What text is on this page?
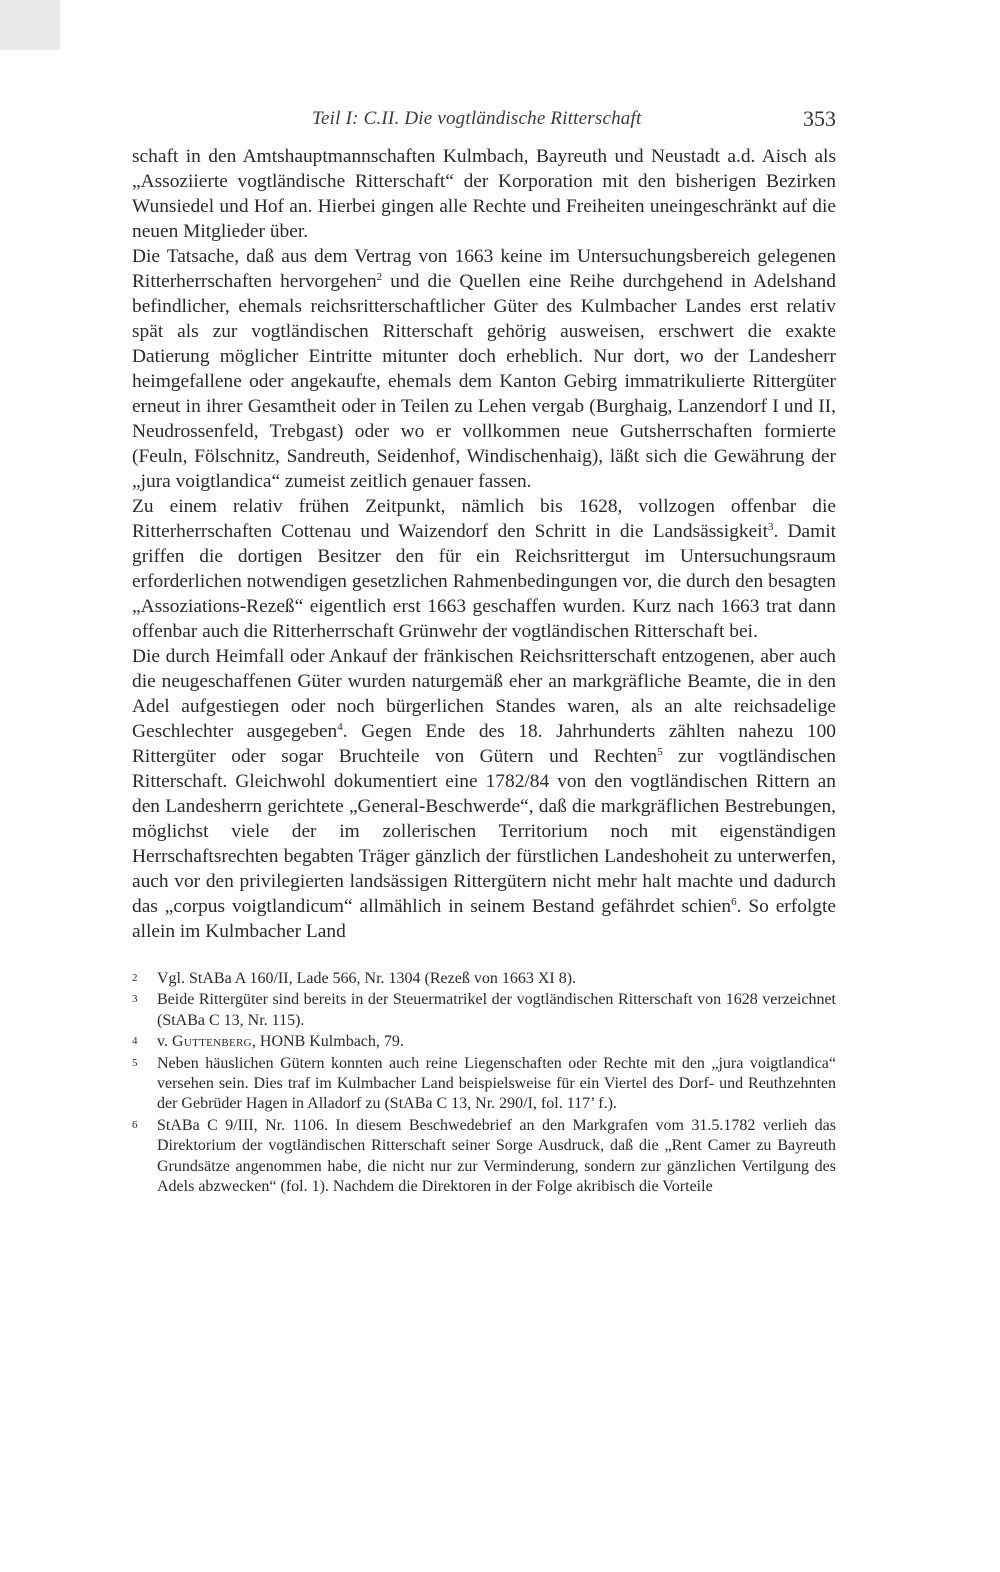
Teil I: C.II. Die vogtländische Ritterschaft	353

schaft in den Amtshauptmannschaften Kulmbach, Bayreuth und Neustadt a.d. Aisch als „Assoziierte vogtländische Ritterschaft“ der Korporation mit den bisherigen Bezirken Wunsiedel und Hof an. Hierbei gingen alle Rechte und Freiheiten uneingeschränkt auf die neuen Mitglieder über.

Die Tatsache, daß aus dem Vertrag von 1663 keine im Untersuchungsbereich gelegenen Ritterherrschaften hervorgehen$^2$ und die Quellen eine Reihe durchgehend in Adelshand befindlicher, ehemals reichsritterschaftlicher Güter des Kulmbacher Landes erst relativ spät als zur vogtländischen Ritterschaft gehörig ausweisen, erschwert die exakte Datierung möglicher Eintritte mitunter doch erheblich. Nur dort, wo der Landesherr heimgefallene oder angekaufte, ehemals dem Kanton Gebirg immatrikulierte Rittergüter erneut in ihrer Gesamtheit oder in Teilen zu Lehen vergab (Burghaig, Lanzendorf I und II, Neudrossenfeld, Trebgast) oder wo er vollkommen neue Gutsherrschaften formierte (Feuln, Fölschnitz, Sandreuth, Seidenhof, Windischenhaig), läßt sich die Gewährung der „jura voigtlandica“ zumeist zeitlich genauer fassen.

Zu einem relativ frühen Zeitpunkt, nämlich bis 1628, vollzogen offenbar die Ritterherrschaften Cottenau und Waizendorf den Schritt in die Landsässigkeit$^3$. Damit griffen die dortigen Besitzer den für ein Reichsrittergut im Untersuchungsraum erforderlichen notwendigen gesetzlichen Rahmenbedingungen vor, die durch den besagten „Assoziations-Rezeß“ eigentlich erst 1663 geschaffen wurden. Kurz nach 1663 trat dann offenbar auch die Ritterherrschaft Grünwehr der vogtländischen Ritterschaft bei.

Die durch Heimfall oder Ankauf der fränkischen Reichsritterschaft entzogenen, aber auch die neugeschaffenen Güter wurden naturgemäß eher an markgräfliche Beamte, die in den Adel aufgestiegen oder noch bürgerlichen Standes waren, als an alte reichsadelige Geschlechter ausgegeben$^4$. Gegen Ende des 18. Jahrhunderts zählten nahezu 100 Rittergüter oder sogar Bruchteile von Gütern und Rechten$^5$ zur vogtländischen Ritterschaft. Gleichwohl dokumentiert eine 1782/84 von den vogtländischen Rittern an den Landesherrn gerichtete „General-Beschwerde“, daß die markgräflichen Bestrebungen, möglichst viele der im zollerischen Territorium noch mit eigenständigen Herrschaftsrechten begabten Träger gänzlich der fürstlichen Landeshoheit zu unterwerfen, auch vor den privilegierten landsässigen Rittergütern nicht mehr halt machte und dadurch das „corpus voigtlandicum“ allmählich in seinem Bestand gefährdet schien$^6$. So erfolgte allein im Kulmbacher Land

2	Vgl. StABa A 160/II, Lade 566, Nr. 1304 (Rezeß von 1663 XI 8).
3	Beide Rittergüter sind bereits in der Steuermatrikel der vogtländischen Ritterschaft von 1628 verzeichnet (StABa C 13, Nr. 115).
4	v. Guttenberg, HONB Kulmbach, 79.
5	Neben häuslichen Gütern konnten auch reine Liegenschaften oder Rechte mit den „jura voigtlandica“ versehen sein. Dies traf im Kulmbacher Land beispielsweise für ein Viertel des Dorf- und Reuthzehnten der Gebrüder Hagen in Alladorf zu (StABa C 13, Nr. 290/I, fol. 117’ f.).
6	StABa C 9/III, Nr. 1106. In diesem Beschwedebrief an den Markgrafen vom 31.5.1782 verlieh das Direktorium der vogtländischen Ritterschaft seiner Sorge Ausdruck, daß die „Rent Camer zu Bayreuth Grundsätze angenommen habe, die nicht nur zur Verminderung, sondern zur gänzlichen Vertilgung des Adels abzwecken“ (fol. 1). Nachdem die Direktoren in der Folge akribisch die Vorteile
